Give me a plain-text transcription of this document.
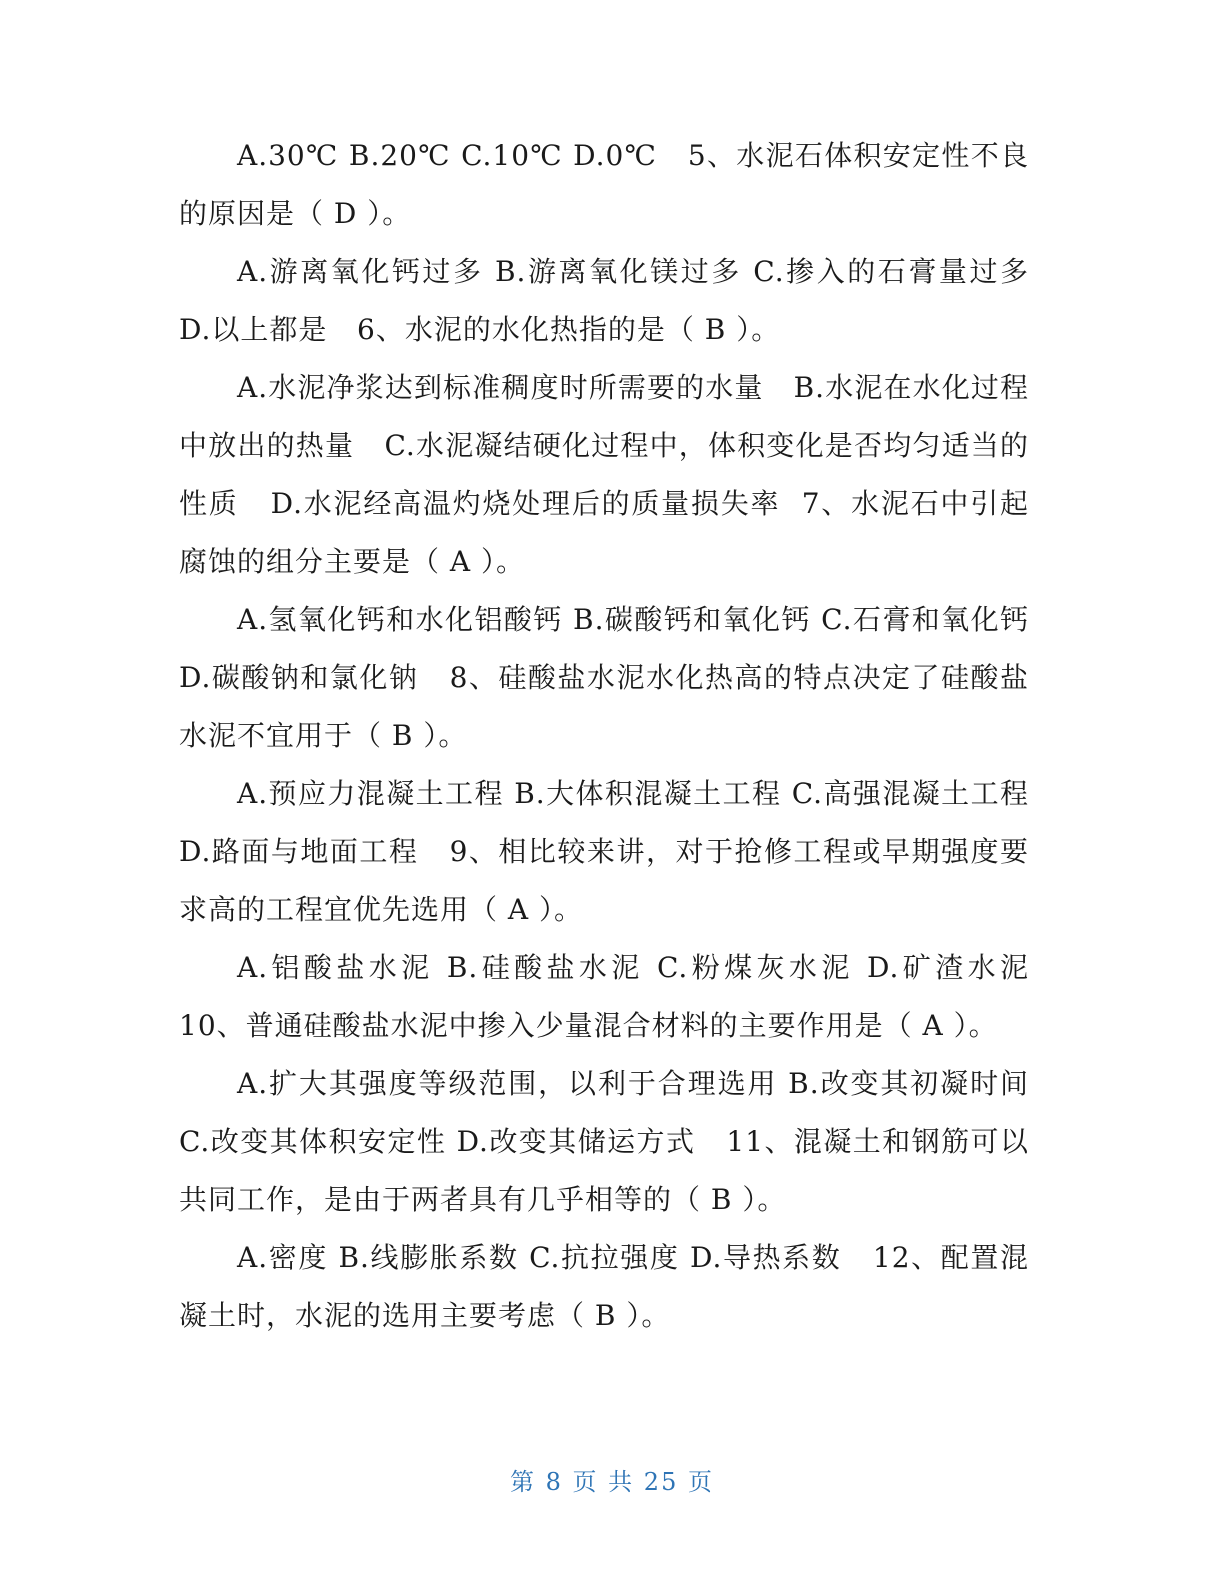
A.30℃ B.20℃ C.10℃ D.0℃   5、水泥石体积安定性不良的原因是（ D ）。

A.游离氧化钙过多 B.游离氧化镁过多 C.掺入的石膏量过多 D.以上都是   6、水泥的水化热指的是（ B ）。

A.水泥净浆达到标准稠度时所需要的水量   B.水泥在水化过程中放出的热量   C.水泥凝结硬化过程中，体积变化是否均匀适当的性质   D.水泥经高温灼烧处理后的质量损失率  7、水泥石中引起腐蚀的组分主要是（ A ）。

A.氢氧化钙和水化铝酸钙 B.碳酸钙和氧化钙 C.石膏和氧化钙 D.碳酸钠和氯化钠   8、硅酸盐水泥水化热高的特点决定了硅酸盐水泥不宜用于（ B ）。

A.预应力混凝土工程 B.大体积混凝土工程 C.高强混凝土工程 D.路面与地面工程   9、相比较来讲，对于抢修工程或早期强度要求高的工程宜优先选用（ A ）。

A.铝酸盐水泥 B.硅酸盐水泥 C.粉煤灰水泥 D.矿渣水泥   10、普通硅酸盐水泥中掺入少量混合材料的主要作用是（ A ）。

A.扩大其强度等级范围，以利于合理选用 B.改变其初凝时间 C.改变其体积安定性 D.改变其储运方式   11、混凝土和钢筋可以共同工作，是由于两者具有几乎相等的（ B ）。

A.密度 B.线膨胀系数 C.抗拉强度 D.导热系数   12、配置混凝土时，水泥的选用主要考虑（ B ）。

第 8 页 共 25 页
